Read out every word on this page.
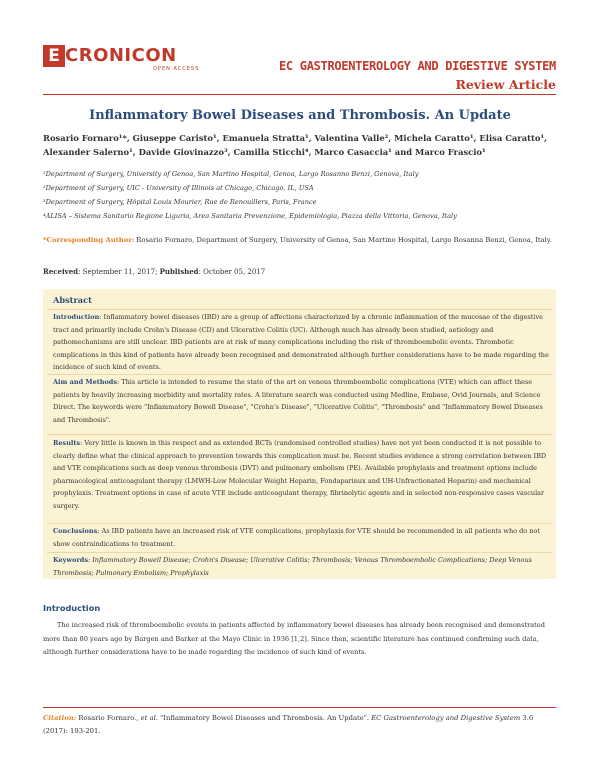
E CRONICON
OPEN ACCESS	EC GASTROENTEROLOGY AND DIGESTIVE SYSTEM
Review Article
Inflammatory Bowel Diseases and Thrombosis. An Update
Rosario Fornaro¹*, Giuseppe Caristo¹, Emanuela Stratta¹, Valentina Valle², Michela Caratto¹, Elisa Caratto¹,
Alexander Salerno¹, Davide Giovinazzo³, Camilla Sticchi⁴, Marco Casaccia¹ and Marco Frascio¹
¹Department of Surgery, University of Genoa, San Martino Hospital, Genoa, Largo Rosanno Benzi, Genova, Italy
²Department of Surgery, UIC - University of Illinois at Chicago, Chicago, IL, USA
³Department of Surgery, Hôpital Louis Mourier, Rue de Renouillers, Paris, France
⁴ALISA – Sistema Sanitario Regione Liguria, Area Sanitaria Prevenzione, Epidemiologia, Piazza della Vittoria, Genova, Italy
*Corresponding Author: Rosario Fornaro, Department of Surgery, University of Genoa, San Martino Hospital, Largo Rosanna Benzi, Genoa, Italy.
Received: September 11, 2017; Published: October 05, 2017
Abstract
Introduction: Inflammatory bowel diseases (IBD) are a group of affections characterized by a chronic inflammation of the mucosae of the digestive tract and primarily include Crohn's Disease (CD) and Ulcerative Colitis (UC). Although much has already been studied, aetiology and pathomechanisms are still unclear. IBD patients are at risk of many complications including the risk of thromboembolic events. Thrombotic complications in this kind of patients have already been recognised and demonstrated although further considerations have to be made regarding the incidence of such kind of events.
Aim and Methods: This article is intended to resume the state of the art on venous thromboembolic complications (VTE) which can affect these patients by heavily increasing morbidity and mortality rates. A literature search was conducted using Medline, Embase, Ovid Journals, and Science Direct. The keywords were "Inflammatory Bowell Disease", "Crohn's Disease", "Ulcerative Colitis", "Thrombosis" and "Inflammatory Bowel Diseases and Thrombosis".
Results: Very little is known in this respect and as extended RCTs (randomised controlled studies) have not yet been conducted it is not possible to clearly define what the clinical approach to prevention towards this complication must be. Recent studies evidence a strong correlation between IBD and VTE complications such as deep venous thrombosis (DVT) and pulmonary embolism (PE). Available prophylaxis and treatment options include pharmacological anticoagulant therapy (LMWH-Low Molecular Weight Heparin, Fondaparinux and UH-Unfractionated Heparin) and mechanical prophylaxis. Treatment options in case of acute VTE include anticoagulant therapy, fibrinolytic agents and in selected non-responsive cases vascular surgery.
Conclusions: As IBD patients have an increased risk of VTE complications, prophylaxis for VTE should be recommended in all patients who do not show contraindications to treatment.
Keywords: Inflammatory Bowell Disease; Crohn's Disease; Ulcerative Colitis; Thrombosis; Venous Thromboembolic Complications; Deep Venous Thrombosis; Pulmonary Embolism; Prophylaxis
Introduction
The increased risk of thromboembolic events in patients affected by inflammatory bowel diseases has already been recognised and demonstrated more than 80 years ago by Bargen and Barker at the Mayo Clinic in 1936 [1,2]. Since then, scientific literature has continued confirming such data, although further considerations have to be made regarding the incidence of such kind of events.
Citation: Rosario Fornaro., et al. "Inflammatory Bowel Diseases and Thrombosis. An Update". EC Gastroenterology and Digestive System 3.6 (2017): 193-201.
